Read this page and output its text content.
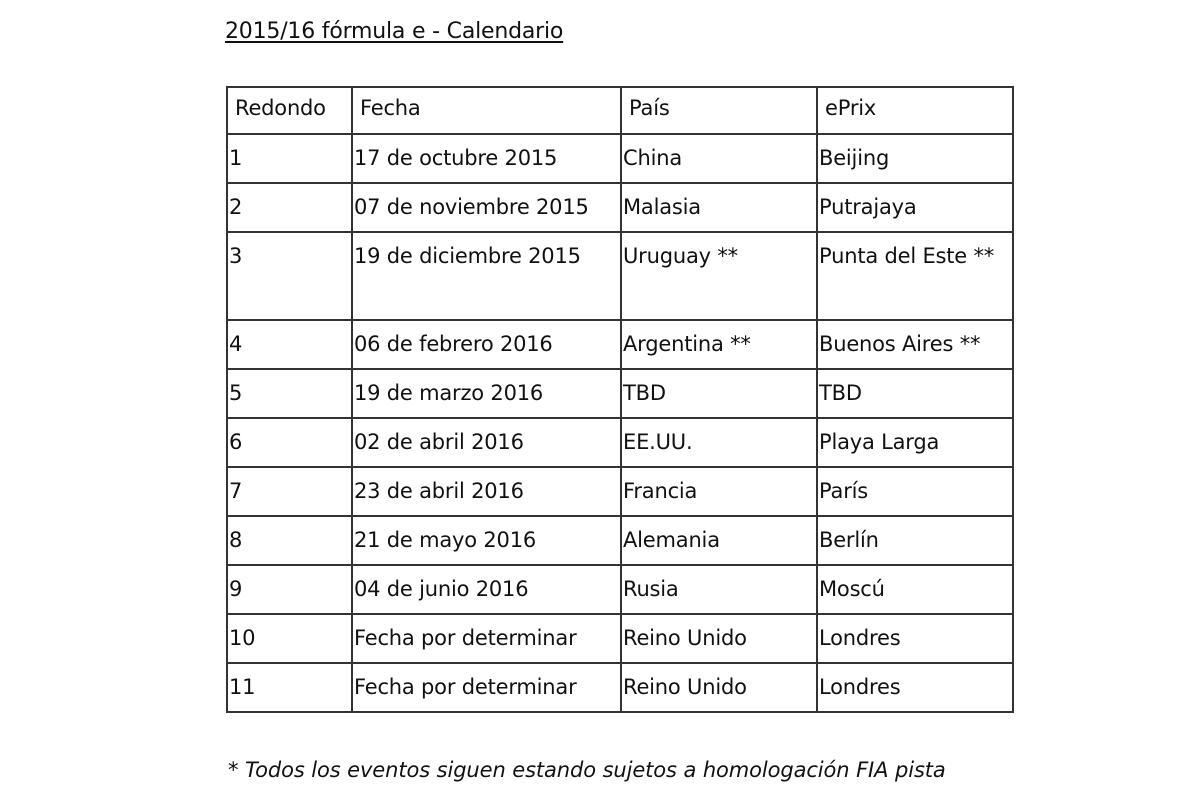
2015/16 fórmula e - Calendario
Redondo	Fecha	País	ePrix
1	17 de octubre 2015	China	Beijing
2	07 de noviembre 2015	Malasia	Putrajaya
3	19 de diciembre 2015	Uruguay **	Punta del Este **
4	06 de febrero 2016	Argentina **	Buenos Aires **
5	19 de marzo 2016	TBD	TBD
6	02 de abril 2016	EE.UU.	Playa Larga
7	23 de abril 2016	Francia	París
8	21 de mayo 2016	Alemania	Berlín
9	04 de junio 2016	Rusia	Moscú
10	Fecha por determinar	Reino Unido	Londres
11	Fecha por determinar	Reino Unido	Londres
* Todos los eventos siguen estando sujetos a homologación FIA pista
